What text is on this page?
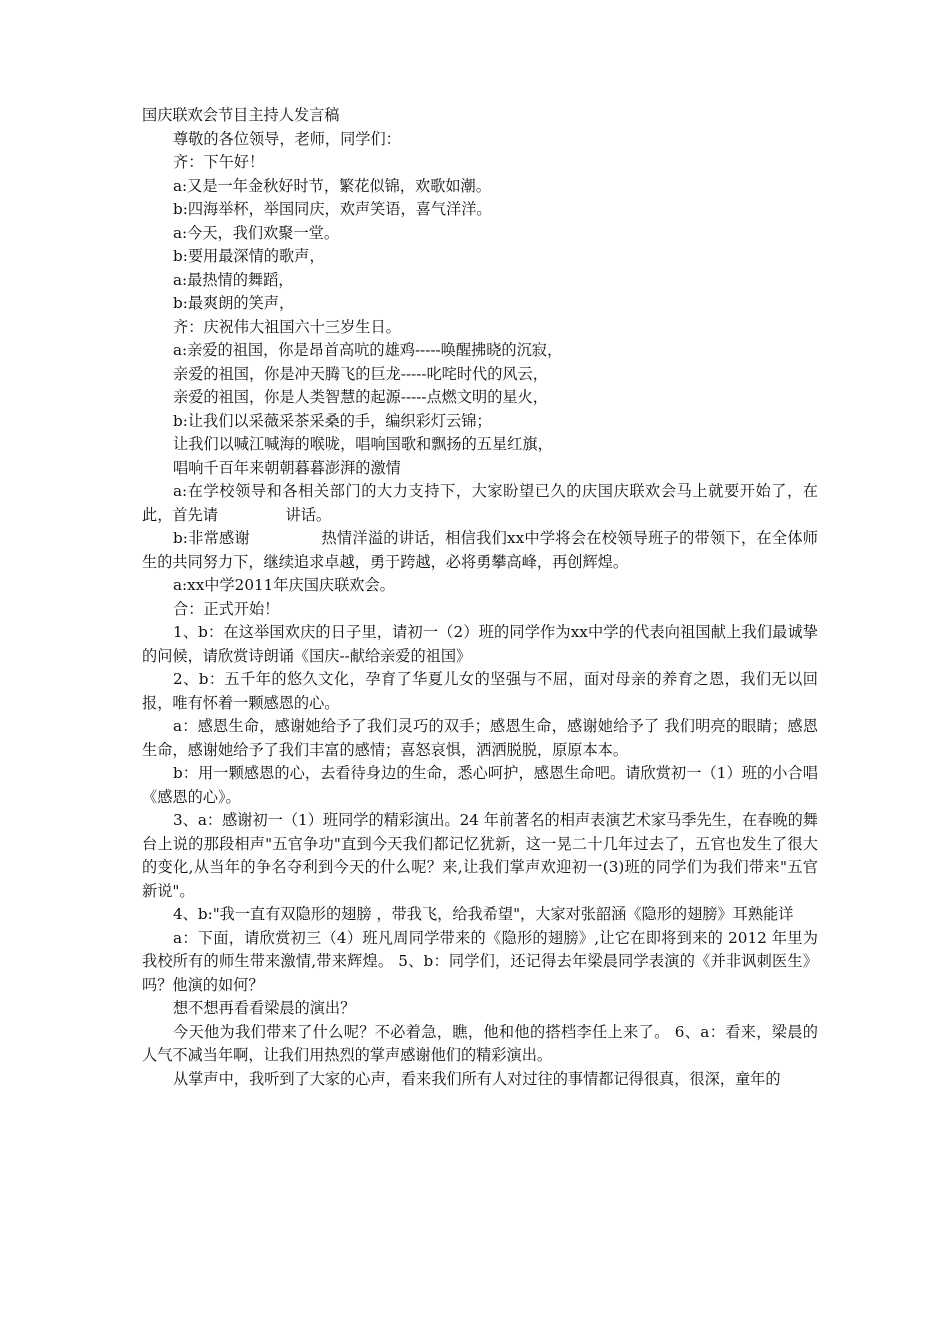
国庆联欢会节目主持人发言稿
尊敬的各位领导，老师，同学们：
齐：下午好！
a:又是一年金秋好时节，繁花似锦，欢歌如潮。
b:四海举杯，举国同庆，欢声笑语，喜气洋洋。
a:今天，我们欢聚一堂。
b:要用最深情的歌声，
a:最热情的舞蹈，
b:最爽朗的笑声，
齐：庆祝伟大祖国六十三岁生日。
a:亲爱的祖国，你是昂首高吭的雄鸡-----唤醒拂晓的沉寂，
亲爱的祖国，你是冲天腾飞的巨龙-----叱咤时代的风云，
亲爱的祖国，你是人类智慧的起源-----点燃文明的星火，
b:让我们以采薇采茶采桑的手，编织彩灯云锦；
让我们以喊江喊海的喉咙，唱响国歌和飘扬的五星红旗，
唱响千百年来朝朝暮暮澎湃的激情
a:在学校领导和各相关部门的大力支持下，大家盼望已久的庆国庆联欢会马上就要开始了，在此，首先请              讲话。
b:非常感谢              热情洋溢的讲话，相信我们xx中学将会在校领导班子的带领下，在全体师生的共同努力下，继续追求卓越，勇于跨越，必将勇攀高峰，再创辉煌。
a:xx中学2011年庆国庆联欢会。
合：正式开始！
1、b：在这举国欢庆的日子里，请初一（2）班的同学作为xx中学的代表向祖国献上我们最诚挚的问候，请欣赏诗朗诵《国庆--献给亲爱的祖国》
2、b：五千年的悠久文化，孕育了华夏儿女的坚强与不屈，面对母亲的养育之恩，我们无以回报，唯有怀着一颗感恩的心。
a：感恩生命，感谢她给予了我们灵巧的双手；感恩生命，感谢她给予了 我们明亮的眼睛；感恩生命，感谢她给予了我们丰富的感情；喜怒哀惧，洒洒脱脱，原原本本。
b：用一颗感恩的心，去看待身边的生命，悉心呵护，感恩生命吧。请欣赏初一（1）班的小合唱《感恩的心》。
3、a：感谢初一（1）班同学的精彩演出。24 年前著名的相声表演艺术家马季先生，在春晚的舞台上说的那段相声"五官争功"直到今天我们都记忆犹新，这一晃二十几年过去了，五官也发生了很大的变化,从当年的争名夺利到今天的什么呢？来,让我们掌声欢迎初一(3)班的同学们为我们带来"五官新说"。
4、b:"我一直有双隐形的翅膀 ，带我飞，给我希望"，大家对张韶涵《隐形的翅膀》耳熟能详
a：下面，请欣赏初三（4）班凡周同学带来的《隐形的翅膀》,让它在即将到来的 2012 年里为我校所有的师生带来激情,带来辉煌。 5、b：同学们，还记得去年梁晨同学表演的《并非讽刺医生》吗？他演的如何？
想不想再看看梁晨的演出？
今天他为我们带来了什么呢？不必着急，瞧，他和他的搭档李任上来了。 6、a：看来，梁晨的人气不减当年啊，让我们用热烈的掌声感谢他们的精彩演出。
从掌声中，我听到了大家的心声，看来我们所有人对过往的事情都记得很真，很深，童年的
